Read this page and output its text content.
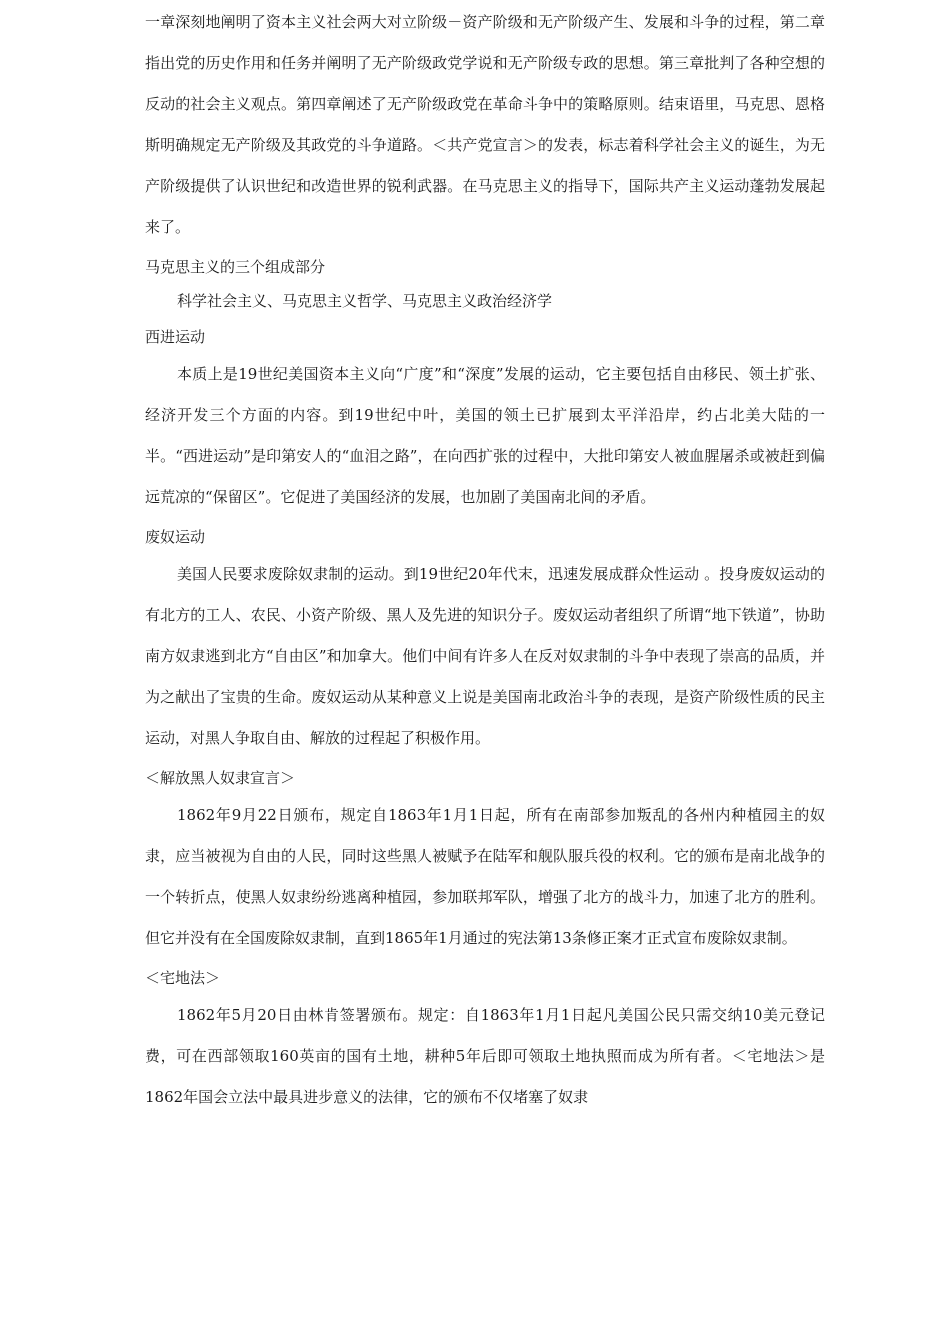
一章深刻地阐明了资本主义社会两大对立阶级－资产阶级和无产阶级产生、发展和斗争的过程，第二章指出党的历史作用和任务并阐明了无产阶级政党学说和无产阶级专政的思想。第三章批判了各种空想的反动的社会主义观点。第四章阐述了无产阶级政党在革命斗争中的策略原则。结束语里，马克思、恩格斯明确规定无产阶级及其政党的斗争道路。＜共产党宣言＞的发表，标志着科学社会主义的诞生，为无产阶级提供了认识世纪和改造世界的锐利武器。在马克思主义的指导下，国际共产主义运动蓬勃发展起来了。

马克思主义的三个组成部分

科学社会主义、马克思主义哲学、马克思主义政治经济学

西进运动

本质上是19世纪美国资本主义向“广度”和“深度”发展的运动，它主要包括自由移民、领土扩张、经济开发三个方面的内容。到19世纪中叶，美国的领土已扩展到太平洋沿岸，约占北美大陆的一半。“西进运动”是印第安人的“血泪之路”，在向西扩张的过程中，大批印第安人被血腥屠杀或被赶到偏远荒凉的“保留区”。它促进了美国经济的发展，也加剧了美国南北间的矛盾。

废奴运动

美国人民要求废除奴隶制的运动。到19世纪20年代末，迅速发展成群众性运动 。投身废奴运动的有北方的工人、农民、小资产阶级、黑人及先进的知识分子。废奴运动者组织了所谓“地下铁道”，协助南方奴隶逃到北方“自由区”和加拿大。他们中间有许多人在反对奴隶制的斗争中表现了崇高的品质，并为之献出了宝贵的生命。废奴运动从某种意义上说是美国南北政治斗争的表现，是资产阶级性质的民主运动，对黑人争取自由、解放的过程起了积极作用。

＜解放黑人奴隶宣言＞

1862年9月22日颁布，规定自1863年1月1日起，所有在南部参加叛乱的各州内种植园主的奴隶，应当被视为自由的人民，同时这些黑人被赋予在陆军和舰队服兵役的权利。它的颁布是南北战争的一个转折点，使黑人奴隶纷纷逃离种植园，参加联邦军队，增强了北方的战斗力，加速了北方的胜利。但它并没有在全国废除奴隶制，直到1865年1月通过的宪法第13条修正案才正式宣布废除奴隶制。

＜宅地法＞

1862年5月20日由林肯签署颁布。规定：自1863年1月1日起凡美国公民只需交纳10美元登记费，可在西部领取160英亩的国有土地，耕种5年后即可领取土地执照而成为所有者。＜宅地法＞是1862年国会立法中最具进步意义的法律，它的颁布不仅堵塞了奴隶
